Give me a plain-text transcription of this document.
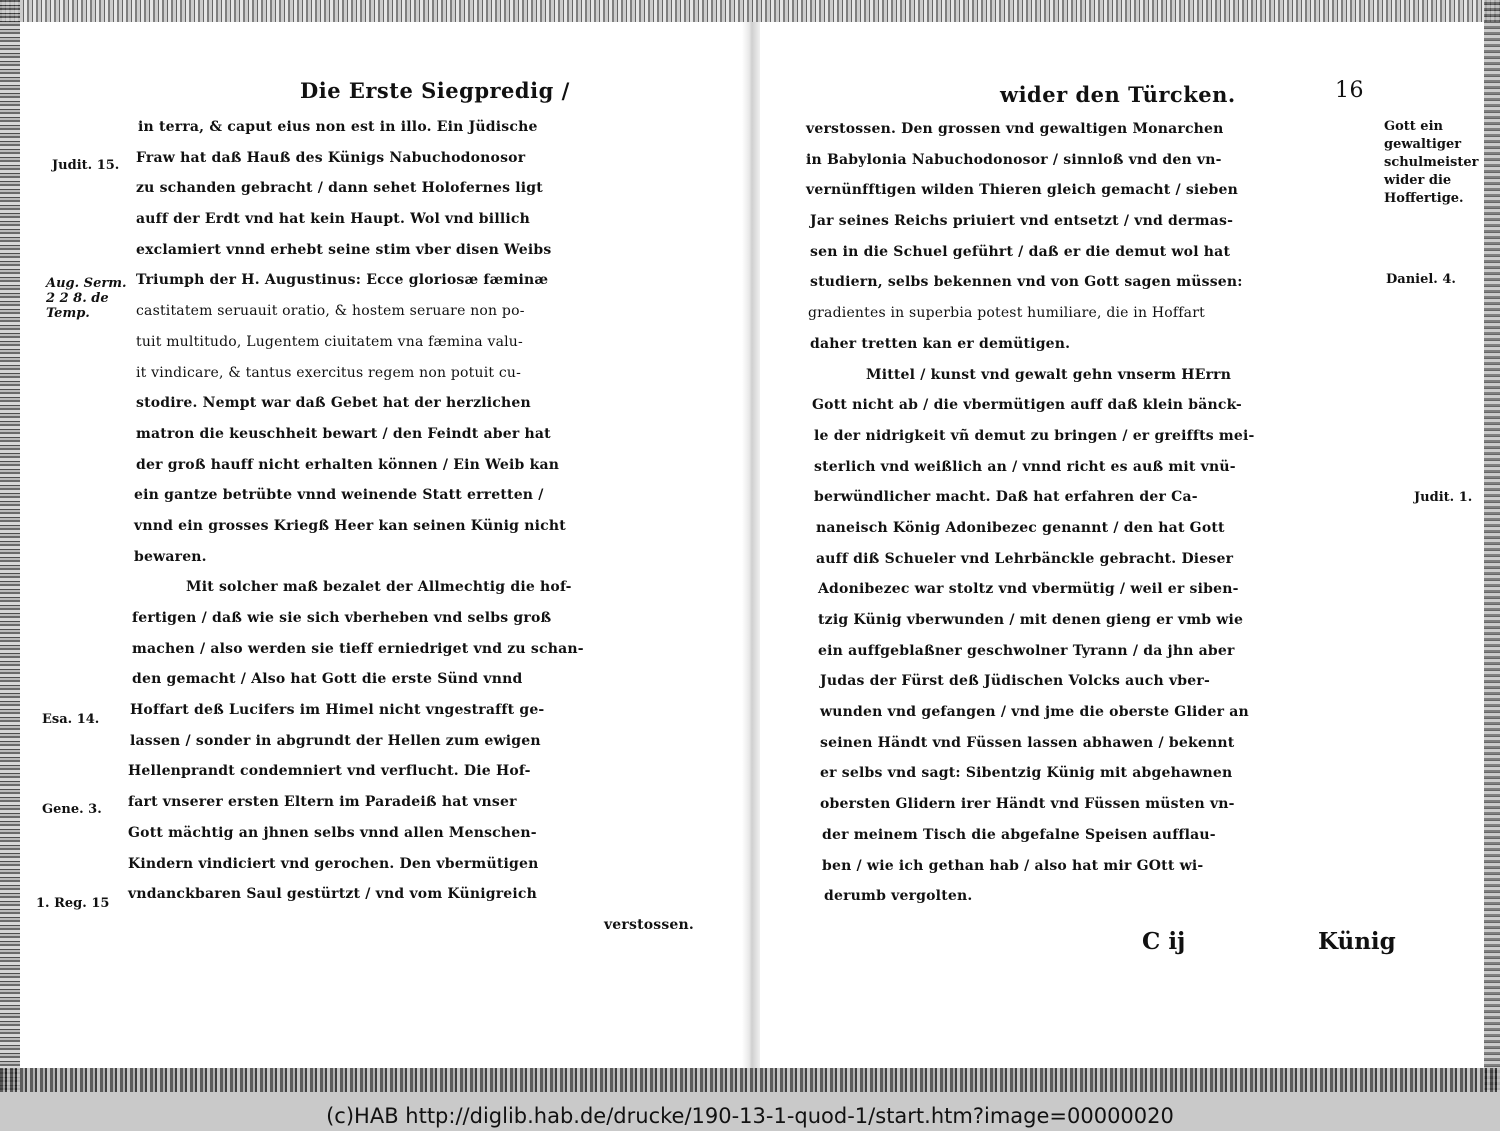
Die Erste Siegpredig /
in terra, & caput eius non est in illo. Ein Jüdische
Fraw hat daß Hauß des Künigs Nabuchodonosor
zu schanden gebracht / dann sehet Holofernes ligt
auff der Erdt vnd hat kein Haupt. Wol vnd billich
exclamiert vnnd erhebt seine stim vber disen Weibs
Triumph der H. Augustinus: Ecce gloriosæ fæminæ
castitatem seruauit oratio, & hostem seruare non po-
tuit multitudo, Lugentem ciuitatem vna fæmina valu-
it vindicare, & tantus exercitus regem non potuit cu-
stodire. Nempt war daß Gebet hat der herzlichen
matron die keuschheit bewart / den Feindt aber hat
der groß hauff nicht erhalten können / Ein Weib kan
ein gantze betrübte vnnd weinende Statt erretten /
vnnd ein grosses Kriegß Heer kan seinen Künig nicht
bewaren.
Mit solcher maß bezalet der Allmechtig die hof-
fertigen / daß wie sie sich vberheben vnd selbs groß
machen / also werden sie tieff erniedriget vnd zu schan-
den gemacht / Also hat Gott die erste Sünd vnnd
Hoffart deß Lucifers im Himel nicht vngestrafft ge-
lassen / sonder in abgrundt der Hellen zum ewigen
Hellenprandt condemniert vnd verflucht. Die Hof-
fart vnserer ersten Eltern im Paradeiß hat vnser
Gott mächtig an jhnen selbs vnnd allen Menschen-
Kindern vindiciert vnd gerochen. Den vbermütigen
vndanckbaren Saul gestürtzt / vnd vom Künigreich
verstossen.
Judit. 15.
Aug. Serm. 2 2 8. de Temp.
Esa. 14.
Gene. 3.
1. Reg. 15
wider den Türcken.	16
verstossen. Den grossen vnd gewaltigen Monarchen
in Babylonia Nabuchodonosor / sinnloß vnd den vn-
vernünfftigen wilden Thieren gleich gemacht / sieben
Jar seines Reichs priuiert vnd entsetzt / vnd dermas-
sen in die Schuel geführt / daß er die demut wol hat
studiern, selbs bekennen vnd von Gott sagen müssen:
gradientes in superbia potest humiliare, die in Hoffart
daher tretten kan er demütigen.
Mittel / kunst vnd gewalt gehn vnserm HErrn
Gott nicht ab / die vbermütigen auff daß klein bänck-
le der nidrigkeit vñ demut zu bringen / er greiffts mei-
sterlich vnd weißlich an / vnnd richt es auß mit vnü-
berwündlicher macht. Daß hat erfahren der Ca-
naneisch König Adonibezec genannt / den hat Gott
auff diß Schueler vnd Lehrbänckle gebracht. Dieser
Adonibezec war stoltz vnd vbermütig / weil er siben-
tzig Künig vberwunden / mit denen gieng er vmb wie
ein auffgeblaßner geschwolner Tyrann / da jhn aber
Judas der Fürst deß Jüdischen Volcks auch vber-
wunden vnd gefangen / vnd jme die oberste Glider an
seinen Händt vnd Füssen lassen abhawen / bekennt
er selbs vnd sagt: Sibentzig Künig mit abgehawnen
obersten Glidern irer Händt vnd Füssen müsten vn-
der meinem Tisch die abgefalne Speisen aufflau-
ben / wie ich gethan hab / also hat mir GOtt wi-
derumb vergolten.
Gott ein gewaltiger schulmeister wider die Hoffertige.
Daniel. 4.
Judit. 1.
C ij	Künig
(c)HAB http://diglib.hab.de/drucke/190-13-1-quod-1/start.htm?image=00000020
